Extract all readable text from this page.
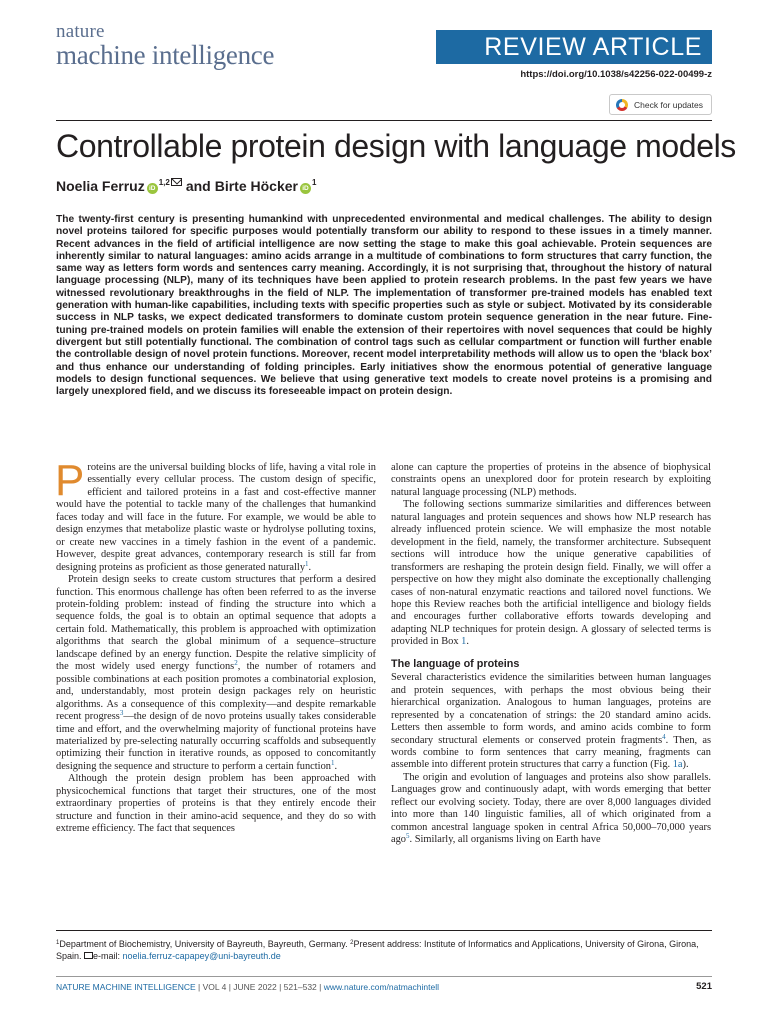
nature
machine intelligence	REVIEW ARTICLE
https://doi.org/10.1038/s42256-022-00499-z
Check for updates
Controllable protein design with language models
Noelia Ferruz iD$^{1,2}$ and Birte Höcker iD$^1$

The twenty-first century is presenting humankind with unprecedented environmental and medical challenges. The ability to design novel proteins tailored for specific purposes would potentially transform our ability to respond to these issues in a timely manner. Recent advances in the field of artificial intelligence are now setting the stage to make this goal achievable. Protein sequences are inherently similar to natural languages: amino acids arrange in a multitude of combinations to form structures that carry function, the same way as letters form words and sentences carry meaning. Accordingly, it is not surprising that, throughout the history of natural language processing (NLP), many of its techniques have been applied to protein research problems. In the past few years we have witnessed revolutionary breakthroughs in the field of NLP. The implementation of transformer pre-trained models has enabled text generation with human-like capabilities, including texts with specific properties such as style or subject. Motivated by its considerable success in NLP tasks, we expect dedicated transformers to dominate custom protein sequence generation in the near future. Fine-tuning pre-trained models on protein families will enable the extension of their repertoires with novel sequences that could be highly divergent but still potentially functional. The combination of control tags such as cellular compartment or function will further enable the controllable design of novel protein functions. Moreover, recent model interpretability methods will allow us to open the ‘black box’ and thus enhance our understanding of folding principles. Early initiatives show the enormous potential of generative language models to design functional sequences. We believe that using generative text models to create novel proteins is a promising and largely unexplored field, and we discuss its foreseeable impact on protein design.

Proteins are the universal building blocks of life, having a vital role in essentially every cellular process. The custom design of specific, efficient and tailored proteins in a fast and cost-effective manner would have the potential to tackle many of the challenges that humankind faces today and will face in the future. For example, we would be able to design enzymes that metabolize plastic waste or hydrolyse polluting toxins, or create new vaccines in a timely fashion in the event of a pandemic. However, despite great advances, contemporary research is still far from designing proteins as proficient as those generated naturally$^1$.

Protein design seeks to create custom structures that perform a desired function. This enormous challenge has often been referred to as the inverse protein-folding problem: instead of finding the structure into which a sequence folds, the goal is to obtain an optimal sequence that adopts a certain fold. Mathematically, this problem is approached with optimization algorithms that search the global minimum of a sequence–structure landscape defined by an energy function. Despite the relative simplicity of the most widely used energy functions$^2$, the number of rotamers and possible combinations at each position promotes a combinatorial explosion, and, understandably, most protein design packages rely on heuristic algorithms. As a consequence of this complexity—and despite remarkable recent progress$^3$—the design of de novo proteins usually takes considerable time and effort, and the overwhelming majority of functional proteins have materialized by pre-selecting naturally occurring scaffolds and subsequently optimizing their function in iterative rounds, as opposed to concomitantly designing the sequence and structure to perform a certain function$^1$.

Although the protein design problem has been approached with physicochemical functions that target their structures, one of the most extraordinary properties of proteins is that they entirely encode their structure and function in their amino-acid sequence, and they do so with extreme efficiency. The fact that sequences

alone can capture the properties of proteins in the absence of biophysical constraints opens an unexplored door for protein research by exploiting natural language processing (NLP) methods.

The following sections summarize similarities and differences between natural languages and protein sequences and shows how NLP research has already influenced protein science. We will emphasize the most notable development in the field, namely, the transformer architecture. Subsequent sections will introduce how the unique generative capabilities of transformers are reshaping the protein design field. Finally, we will offer a perspective on how they might also dominate the exceptionally challenging cases of non-natural enzymatic reactions and tailored novel functions. We hope this Review reaches both the artificial intelligence and biology fields and encourages further collaborative efforts towards developing and adapting NLP techniques for protein design. A glossary of selected terms is provided in Box 1.

The language of proteins

Several characteristics evidence the similarities between human languages and protein sequences, with perhaps the most obvious being their hierarchical organization. Analogous to human languages, proteins are represented by a concatenation of strings: the 20 standard amino acids. Letters then assemble to form words, and amino acids combine to form secondary structural elements or conserved protein fragments$^4$. Then, as words combine to form sentences that carry meaning, fragments can assemble into different protein structures that carry a function (Fig. 1a).

The origin and evolution of languages and proteins also show parallels. Languages grow and continuously adapt, with words emerging that better reflect our evolving society. Today, there are over 8,000 languages divided into more than 140 linguistic families, all of which originated from a common ancestral language spoken in central Africa 50,000–70,000 years ago$^5$. Similarly, all organisms living on Earth have

$^1$Department of Biochemistry, University of Bayreuth, Bayreuth, Germany. $^2$Present address: Institute of Informatics and Applications, University of Girona, Girona, Spain. e-mail: noelia.ferruz-capapey@uni-bayreuth.de

NATURE MACHINE INTELLIGENCE | VOL 4 | JUNE 2022 | 521–532 | www.nature.com/natmachintell	521
